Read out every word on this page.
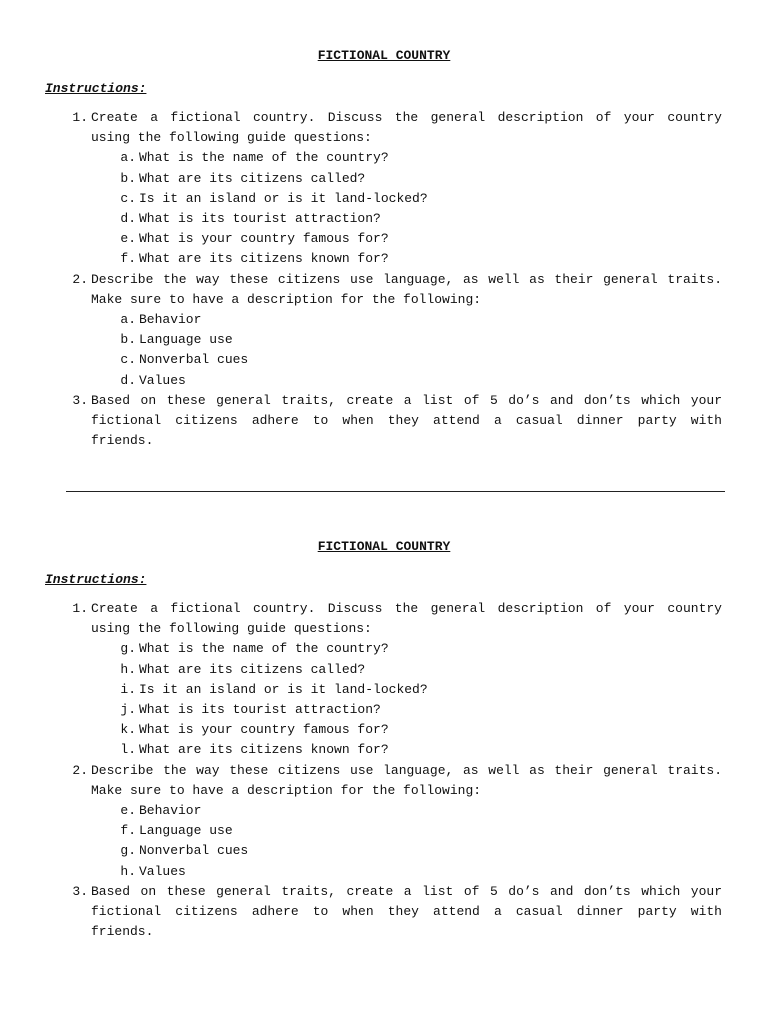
FICTIONAL COUNTRY
Instructions:
1. Create a fictional country. Discuss the general description of your country using the following guide questions:
a. What is the name of the country?
b. What are its citizens called?
c. Is it an island or is it land-locked?
d. What is its tourist attraction?
e. What is your country famous for?
f. What are its citizens known for?
2. Describe the way these citizens use language, as well as their general traits. Make sure to have a description for the following:
a. Behavior
b. Language use
c. Nonverbal cues
d. Values
3. Based on these general traits, create a list of 5 do’s and don’ts which your fictional citizens adhere to when they attend a casual dinner party with friends.
FICTIONAL COUNTRY
Instructions:
1. Create a fictional country. Discuss the general description of your country using the following guide questions:
g. What is the name of the country?
h. What are its citizens called?
i. Is it an island or is it land-locked?
j. What is its tourist attraction?
k. What is your country famous for?
l. What are its citizens known for?
2. Describe the way these citizens use language, as well as their general traits. Make sure to have a description for the following:
e. Behavior
f. Language use
g. Nonverbal cues
h. Values
3. Based on these general traits, create a list of 5 do’s and don’ts which your fictional citizens adhere to when they attend a casual dinner party with friends.
